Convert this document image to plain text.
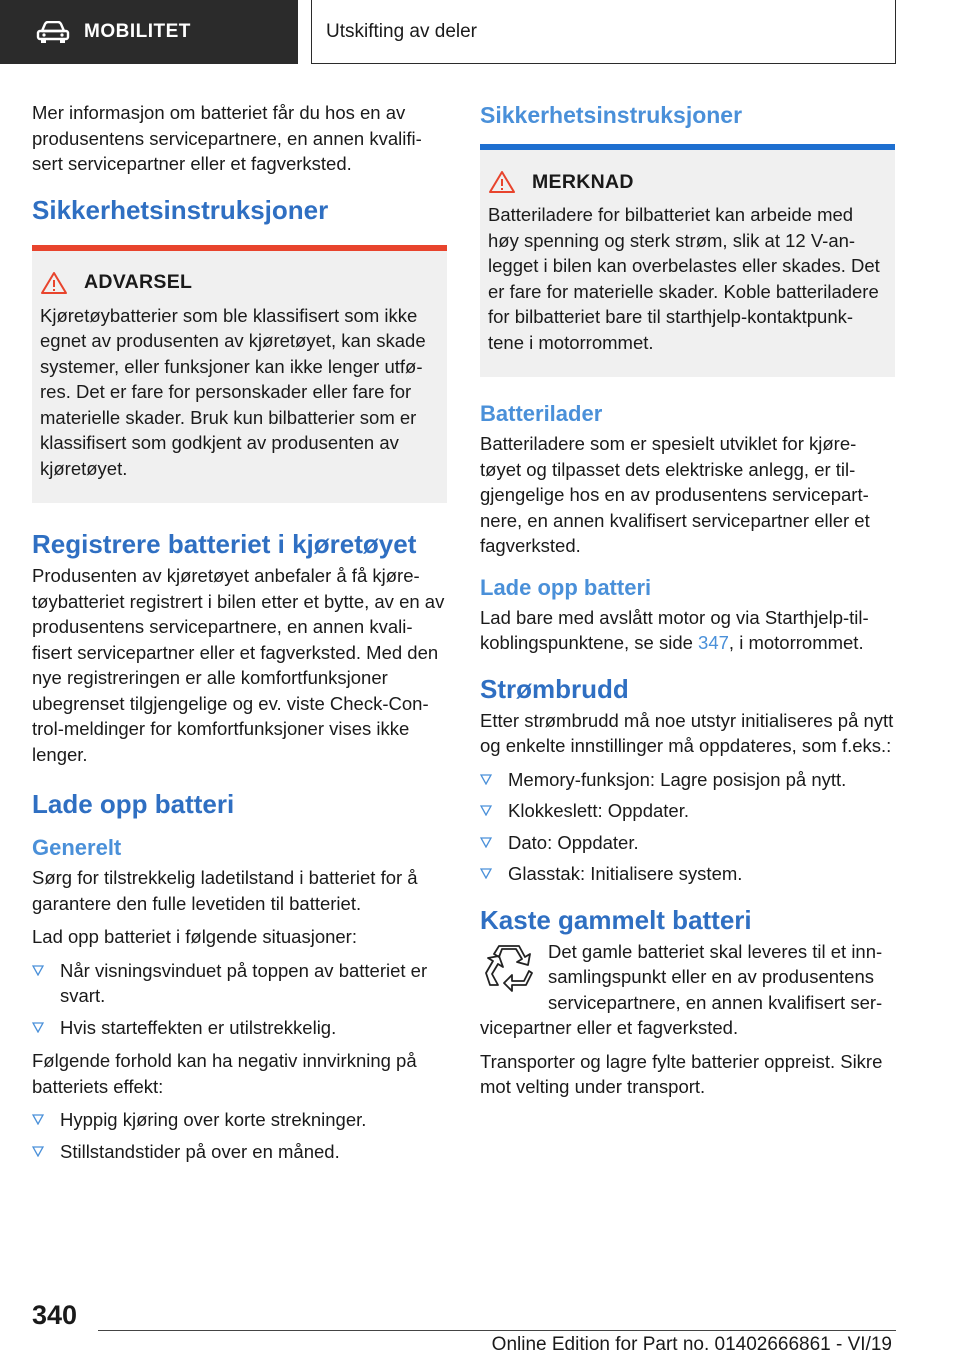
MOBILITET	Utskifting av deler

Mer informasjon om batteriet får du hos en av produsentens servicepartnere, en annen kvalifi-sert servicepartner eller et fagverksted.

Sikkerhetsinstruksjoner
ADVARSEL
Kjøretøybatterier som ble klassifisert som ikke egnet av produsenten av kjøretøyet, kan skade systemer, eller funksjoner kan ikke lenger utfø-res. Det er fare for personskader eller fare for materielle skader. Bruk kun bilbatterier som er klassifisert som godkjent av produsenten av kjøretøyet.
Registrere batteriet i kjøretøyet

Produsenten av kjøretøyet anbefaler å få kjøre-tøybatteriet registrert i bilen etter et bytte, av en av produsentens servicepartnere, en annen kvali-fisert servicepartner eller et fagverksted. Med den nye registreringen er alle komfortfunksjoner ubegrenset tilgjengelige og ev. viste Check-Con-trol-meldinger for komfortfunksjoner vises ikke lenger.

Lade opp batteri
Generelt

Sørg for tilstrekkelig ladetilstand i batteriet for å garantere den fulle levetiden til batteriet.

Lad opp batteriet i følgende situasjoner:

Når visningsvinduet på toppen av batteriet er svart.
Hvis starteffekten er utilstrekkelig.

Følgende forhold kan ha negativ innvirkning på batteriets effekt:

Hyppig kjøring over korte strekninger.
Stillstandstider på over en måned.
Sikkerhetsinstruksjoner
MERKNAD
Batteriladere for bilbatteriet kan arbeide med høy spenning og sterk strøm, slik at 12 V-an-legget i bilen kan overbelastes eller skades. Det er fare for materielle skader. Koble batteriladere for bilbatteriet bare til starthjelp-kontaktpunk-tene i motorrommet.
Batterilader

Batteriladere som er spesielt utviklet for kjøre-tøyet og tilpasset dets elektriske anlegg, er til-gjengelige hos en av produsentens servicepart-nere, en annen kvalifisert servicepartner eller et fagverksted.

Lade opp batteri

Lad bare med avslått motor og via Starthjelp-til-koblingspunktene, se side 347, i motorrommet.

Strømbrudd

Etter strømbrudd må noe utstyr initialiseres på nytt og enkelte innstillinger må oppdateres, som f.eks.:

Memory-funksjon: Lagre posisjon på nytt.
Klokkeslett: Oppdater.
Dato: Oppdater.
Glasstak: Initialisere system.
Kaste gammelt batteri

Det gamle batteriet skal leveres til et inn-samlingspunkt eller en av produsentens servicepartnere, en annen kvalifisert ser-vicepartner eller et fagverksted.

Transporter og lagre fylte batterier oppreist. Sikre mot velting under transport.

340
Online Edition for Part no. 01402666861 - VI/19
